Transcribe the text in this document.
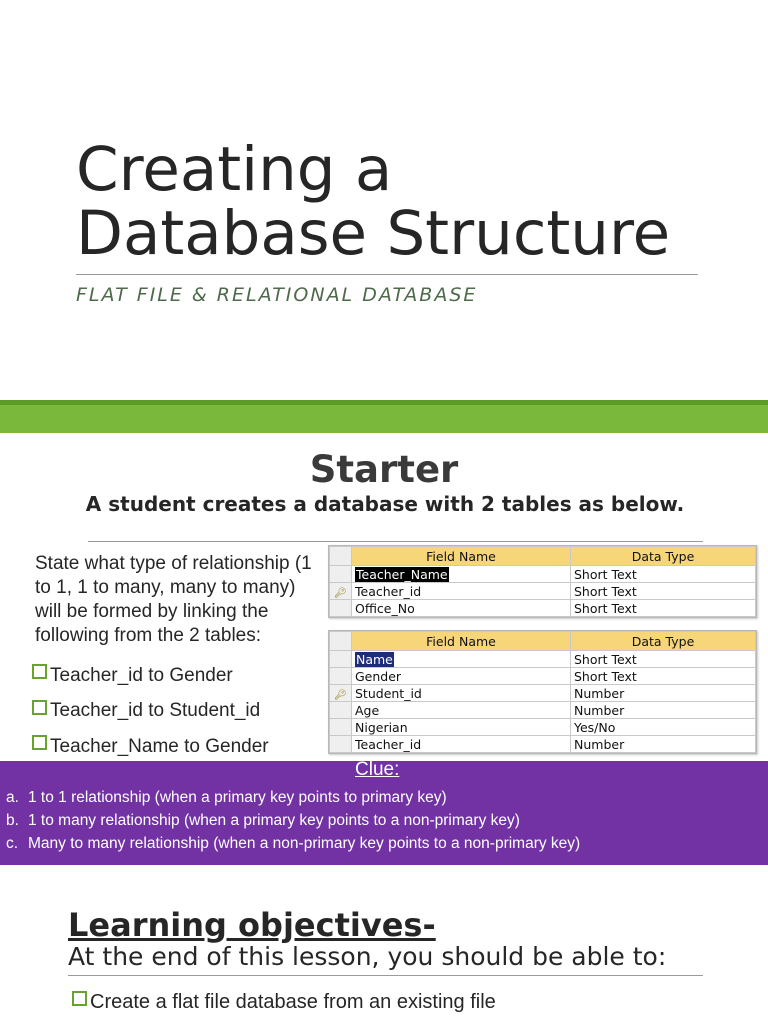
Creating a
Database Structure
FLAT FILE & RELATIONAL DATABASE
Starter
A student creates a database with 2 tables as below.
State what type of relationship (1 to 1, 1 to many, many to many) will be formed by linking the following from the 2 tables:
Teacher_id to Gender
Teacher_id to Student_id
Teacher_Name to Gender
	Field Name	Data Type
	Teacher_Name	Short Text
🔑︎	Teacher_id	Short Text
	Office_No	Short Text
	Field Name	Data Type
	Name	Short Text
	Gender	Short Text
🔑︎	Student_id	Number
	Age	Number
	Nigerian	Yes/No
	Teacher_id	Number
Clue:
a. 1 to 1 relationship (when a primary key points to primary key)
b. 1 to many relationship (when a primary key points to a non-primary key)
c. Many to many relationship (when a non-primary key points to a non-primary key)
Learning objectives-
At the end of this lesson, you should be able to:
Create a flat file database from an existing file
